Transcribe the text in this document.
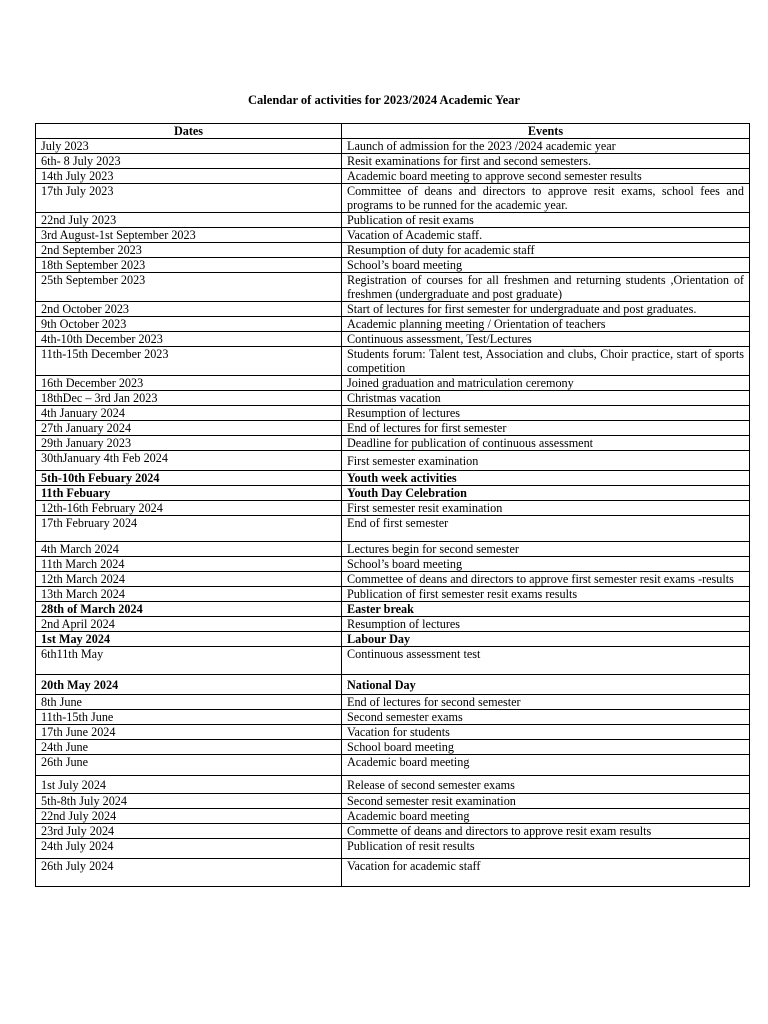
Calendar of activities for 2023/2024 Academic Year
Dates	Events
July 2023	Launch of admission for the 2023 /2024 academic year
6th- 8 July 2023	Resit examinations for first and second semesters.
14th July 2023	Academic board meeting to approve second semester results
17th July 2023	Committee of deans and directors to approve resit exams, school fees and programs to be runned for the academic year.
22nd July 2023	Publication of resit exams
3rd August-1st September 2023	Vacation of Academic staff.
2nd September 2023	Resumption of duty for academic staff
18th September 2023	School’s board meeting
25th September 2023	Registration of courses for all freshmen and returning students ,Orientation of freshmen (undergraduate and post graduate)
2nd October 2023	Start of lectures for first semester for undergraduate and post graduates.
9th October 2023	Academic planning meeting / Orientation of teachers
4th-10th December 2023	Continuous assessment, Test/Lectures
11th-15th December 2023	Students forum: Talent test, Association and clubs, Choir practice, start of sports competition
16th December 2023	Joined graduation and matriculation ceremony
18thDec – 3rd Jan 2023	Christmas vacation
4th January 2024	Resumption of lectures
27th January 2024	End of lectures for first semester
29th January 2023	Deadline for publication of continuous assessment
30thJanuary 4th Feb 2024	First semester examination
5th-10th Febuary 2024	Youth week activities
11th Febuary	Youth Day Celebration
12th-16th February 2024	First semester resit examination
17th February 2024	End of first semester
4th March 2024	Lectures begin for second semester
11th March 2024	School’s board meeting
12th March 2024	Commettee of deans and directors to approve first semester resit exams -results
13th March 2024	Publication of first semester resit exams results
28th of March 2024	Easter break
2nd April 2024	Resumption of lectures
1st May 2024	Labour Day
6th11th May	Continuous assessment test
20th May 2024	National Day
8th June	End of lectures for second semester
11th-15th June	Second semester exams
17th June 2024	Vacation for students
24th June	School board meeting
26th June	Academic board meeting
1st July 2024	Release of second semester exams
5th-8th July 2024	Second semester resit examination
22nd July 2024	Academic board meeting
23rd July 2024	Commette of deans and directors to approve resit exam results
24th July 2024	Publication of resit results
26th July 2024	Vacation for academic staff
